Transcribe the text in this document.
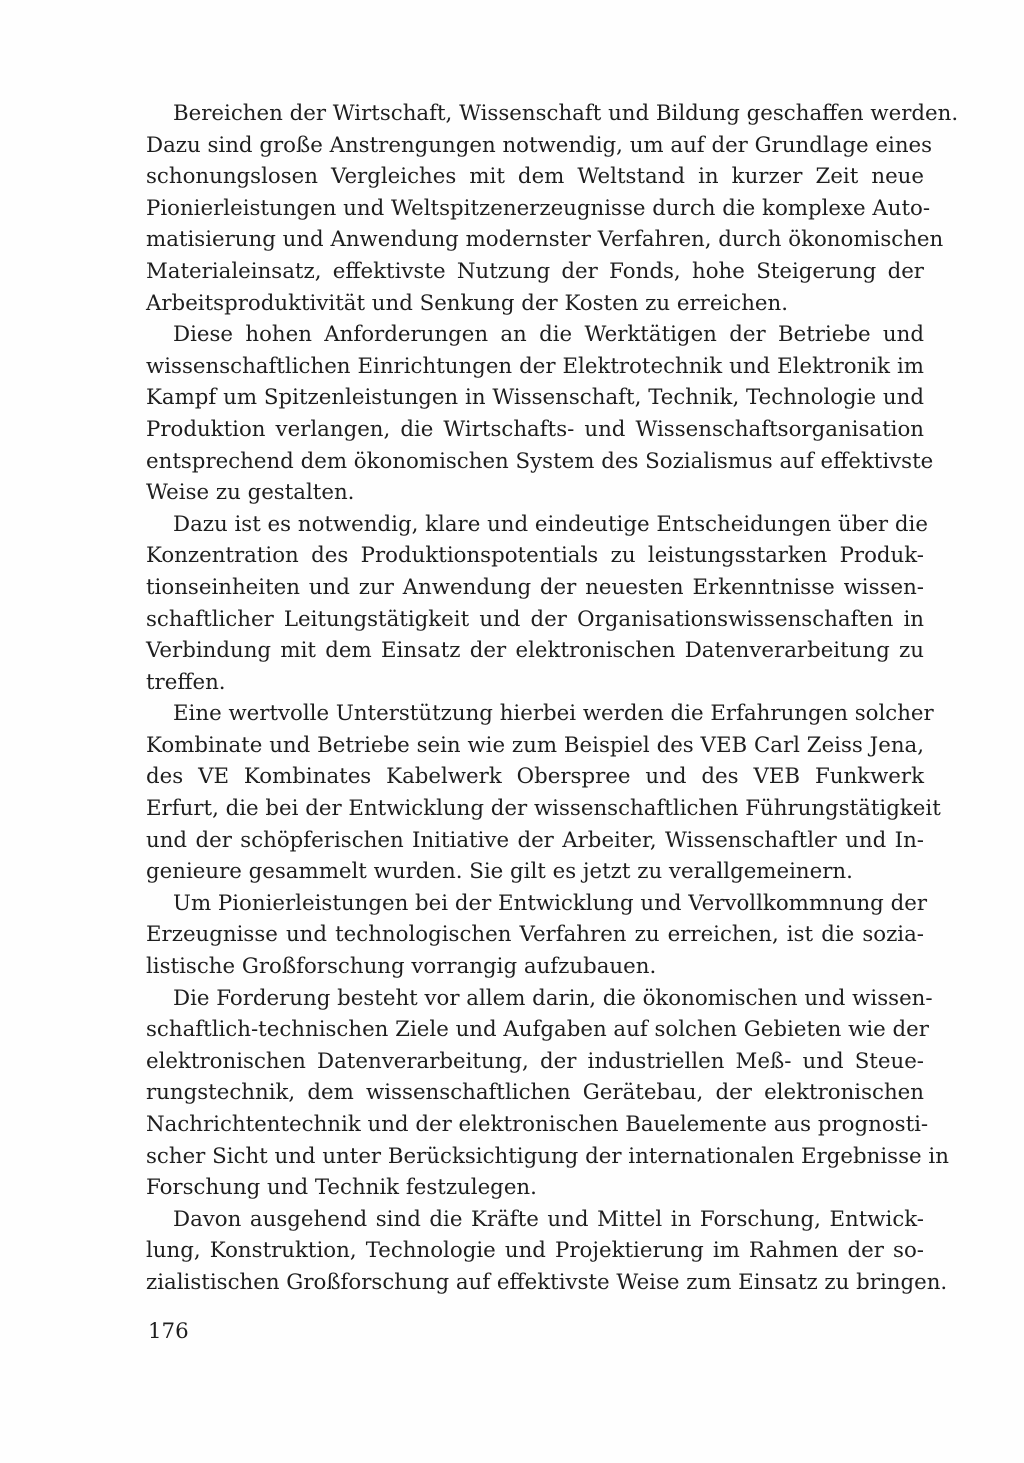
Bereichen der Wirtschaft, Wissenschaft und Bildung geschaffen werden.
Dazu sind große Anstrengungen notwendig, um auf der Grundlage eines
schonungslosen Vergleiches mit dem Weltstand in kurzer Zeit neue
Pionierleistungen und Weltspitzenerzeugnisse durch die komplexe Auto-
matisierung und Anwendung modernster Verfahren, durch ökonomischen
Materialeinsatz, effektivste Nutzung der Fonds, hohe Steigerung der
Arbeitsproduktivität und Senkung der Kosten zu erreichen.
Diese hohen Anforderungen an die Werktätigen der Betriebe und
wissenschaftlichen Einrichtungen der Elektrotechnik und Elektronik im
Kampf um Spitzenleistungen in Wissenschaft, Technik, Technologie und
Produktion verlangen, die Wirtschafts- und Wissenschaftsorganisation
entsprechend dem ökonomischen System des Sozialismus auf effektivste
Weise zu gestalten.
Dazu ist es notwendig, klare und eindeutige Entscheidungen über die
Konzentration des Produktionspotentials zu leistungsstarken Produk-
tionseinheiten und zur Anwendung der neuesten Erkenntnisse wissen-
schaftlicher Leitungstätigkeit und der Organisationswissenschaften in
Verbindung mit dem Einsatz der elektronischen Datenverarbeitung zu
treffen.
Eine wertvolle Unterstützung hierbei werden die Erfahrungen solcher
Kombinate und Betriebe sein wie zum Beispiel des VEB Carl Zeiss Jena,
des VE Kombinates Kabelwerk Oberspree und des VEB Funkwerk
Erfurt, die bei der Entwicklung der wissenschaftlichen Führungstätigkeit
und der schöpferischen Initiative der Arbeiter, Wissenschaftler und In-
genieure gesammelt wurden. Sie gilt es jetzt zu verallgemeinern.
Um Pionierleistungen bei der Entwicklung und Vervollkommnung der
Erzeugnisse und technologischen Verfahren zu erreichen, ist die sozia-
listische Großforschung vorrangig aufzubauen.
Die Forderung besteht vor allem darin, die ökonomischen und wissen-
schaftlich-technischen Ziele und Aufgaben auf solchen Gebieten wie der
elektronischen Datenverarbeitung, der industriellen Meß- und Steue-
rungstechnik, dem wissenschaftlichen Gerätebau, der elektronischen
Nachrichtentechnik und der elektronischen Bauelemente aus prognosti-
scher Sicht und unter Berücksichtigung der internationalen Ergebnisse in
Forschung und Technik festzulegen.
Davon ausgehend sind die Kräfte und Mittel in Forschung, Entwick-
lung, Konstruktion, Technologie und Projektierung im Rahmen der so-
zialistischen Großforschung auf effektivste Weise zum Einsatz zu bringen.
176
